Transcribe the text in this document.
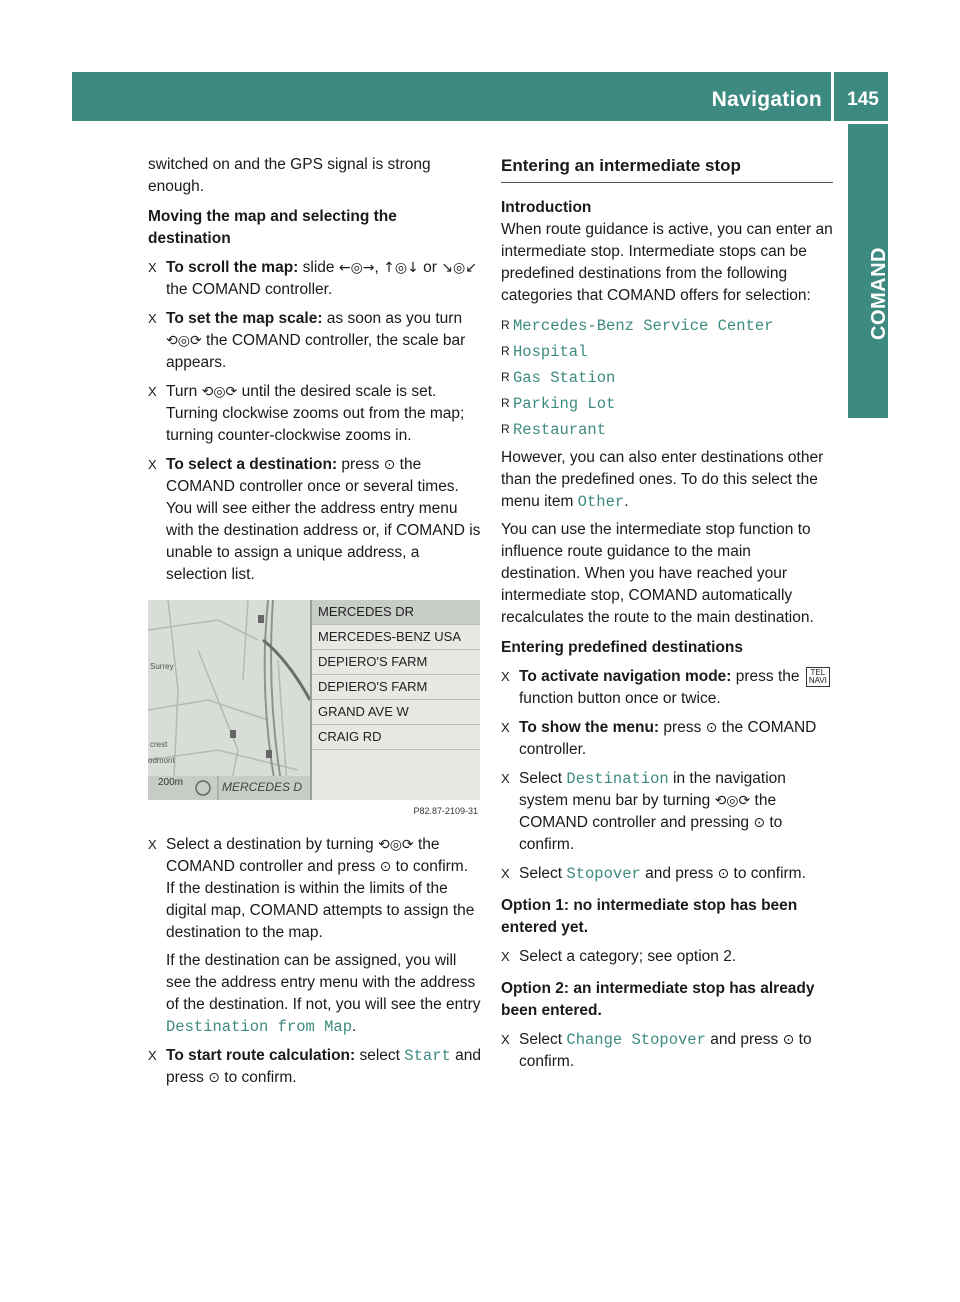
Navigation	145
COMAND

switched on and the GPS signal is strong enough.

Moving the map and selecting the destination

X To scroll the map: slide ←◎→, ↑◎↓ or ↘◎↙ the COMAND controller.

X To set the map scale: as soon as you turn ⟲◎⟳ the COMAND controller, the scale bar appears.

X Turn ⟲◎⟳ until the desired scale is set.
Turning clockwise zooms out from the map; turning counter-clockwise zooms in.

X To select a destination: press ⊙ the COMAND controller once or several times. You will see either the address entry menu with the destination address or, if COMAND is unable to assign a unique address, a selection list.

Surrey
crest
odmont
200m	MERCEDES D
MERCEDES DR
MERCEDES-BENZ USA
DEPIERO'S FARM
DEPIERO'S FARM
GRAND AVE W
CRAIG RD
P82.87-2109-31

X Select a destination by turning ⟲◎⟳ the COMAND controller and press ⊙ to confirm.
If the destination is within the limits of the digital map, COMAND attempts to assign the destination to the map.

If the destination can be assigned, you will see the address entry menu with the address of the destination. If not, you will see the entry Destination from Map.

X To start route calculation: select Start and press ⊙ to confirm.

Entering an intermediate stop

Introduction

When route guidance is active, you can enter an intermediate stop. Intermediate stops can be predefined destinations from the following categories that COMAND offers for selection:

R Mercedes-Benz Service Center
R Hospital
R Gas Station
R Parking Lot
R Restaurant

However, you can also enter destinations other than the predefined ones. To do this select the menu item Other.

You can use the intermediate stop function to influence route guidance to the main destination. When you have reached your intermediate stop, COMAND automatically recalculates the route to the main destination.

Entering predefined destinations

X To activate navigation mode: press the TEL
NAVI function button once or twice.

X To show the menu: press ⊙ the COMAND controller.

X Select Destination in the navigation system menu bar by turning ⟲◎⟳ the COMAND controller and pressing ⊙ to confirm.

X Select Stopover and press ⊙ to confirm.

Option 1: no intermediate stop has been entered yet.

X Select a category; see option 2.

Option 2: an intermediate stop has already been entered.

X Select Change Stopover and press ⊙ to confirm.
